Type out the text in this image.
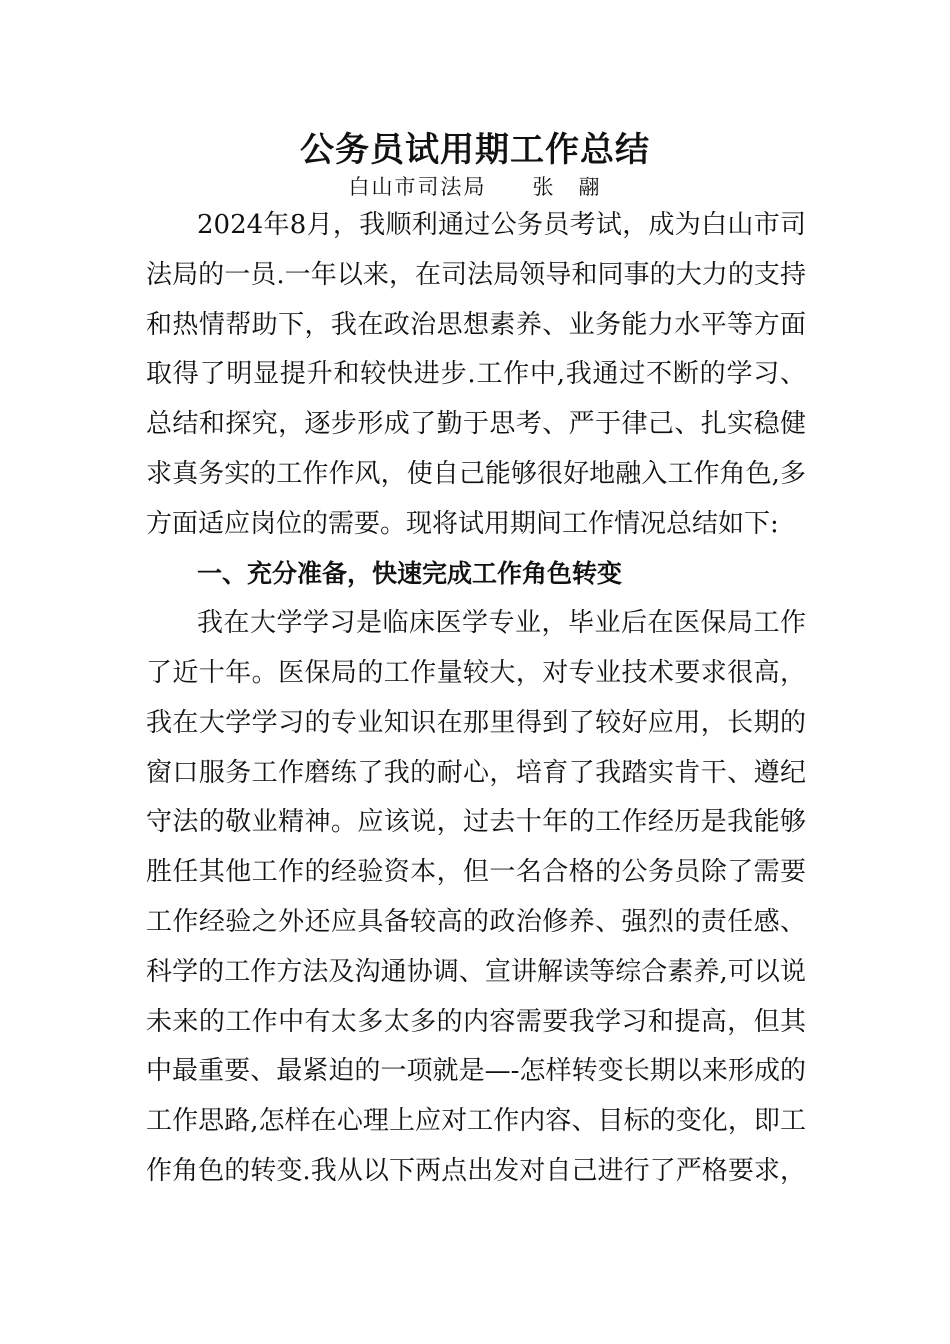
公务员试用期工作总结
白山市司法局　　张　翮
2024年8月，我顺利通过公务员考试，成为白山市司
法局的一员.一年以来，在司法局领导和同事的大力的支持
和热情帮助下，我在政治思想素养、业务能力水平等方面
取得了明显提升和较快进步.工作中,我通过不断的学习、
总结和探究，逐步形成了勤于思考、严于律己、扎实稳健
求真务实的工作作风，使自己能够很好地融入工作角色,多
方面适应岗位的需要。现将试用期间工作情况总结如下:
一、充分准备，快速完成工作角色转变
我在大学学习是临床医学专业，毕业后在医保局工作
了近十年。医保局的工作量较大，对专业技术要求很高，
我在大学学习的专业知识在那里得到了较好应用，长期的
窗口服务工作磨练了我的耐心，培育了我踏实肯干、遵纪
守法的敬业精神。应该说，过去十年的工作经历是我能够
胜任其他工作的经验资本，但一名合格的公务员除了需要
工作经验之外还应具备较高的政治修养、强烈的责任感、
科学的工作方法及沟通协调、宣讲解读等综合素养,可以说
未来的工作中有太多太多的内容需要我学习和提高，但其
中最重要、最紧迫的一项就是—-怎样转变长期以来形成的
工作思路,怎样在心理上应对工作内容、目标的变化，即工
作角色的转变.我从以下两点出发对自己进行了严格要求，
